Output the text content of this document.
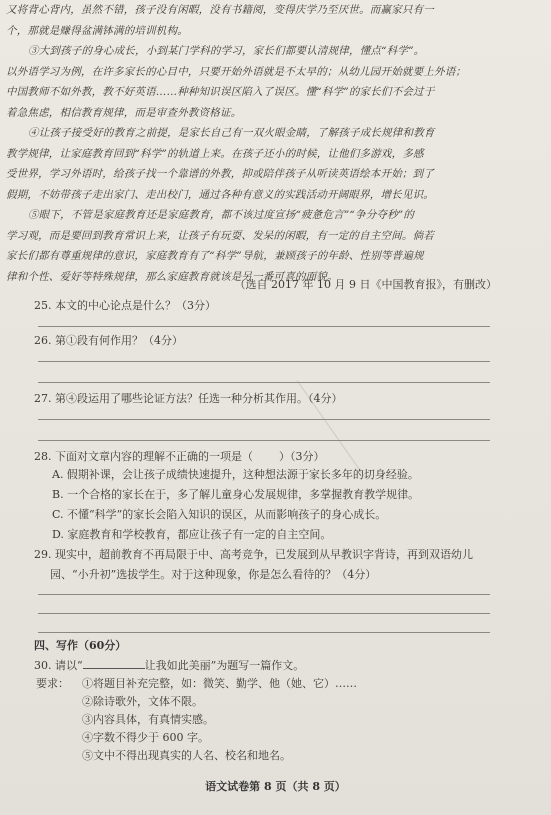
又将背心背内，虽然不错，孩子没有闲暇，没有书籍阅，变得庆学乃至厌世。而赢家只有一

个，那就是赚得盆满钵满的培训机构。

③大到孩子的身心成长，小到某门学科的学习，家长们都要认清规律，懂点“科学”。

以外语学习为例，在许多家长的心目中，只要开始外语就是不太早的；从幼儿园开始就要上外语；

中国教师不如外教，教不好英语……种种知识误区陷入了误区。懂“科学”的家长们不会过于

着急焦虑，相信教育规律，而是审查外教资格证。

④让孩子接受好的教育之前提，是家长自己有一双火眼金睛，了解孩子成长规律和教育

教学规律，让家庭教育回到“科学”的轨道上来。在孩子还小的时候，让他们多游戏，多感

受世界，学习外语时，给孩子找一个靠谱的外教，抑或陪伴孩子从听读英语绘本开始；到了

假期，不妨带孩子走出家门、走出校门，通过各种有意义的实践活动开阔眼界，增长见识。

⑤眼下，不管是家庭教育还是家庭教育，都不该过度宣扬“疲惫危言”“争分夺秒”的

学习观，而是要回到教育常识上来，让孩子有玩耍、发呆的闲暇，有一定的自主空间。倘若

家长们都有尊重规律的意识，家庭教育有了“科学”导航，兼顾孩子的年龄、性别等普遍规

律和个性、爱好等特殊规律，那么家庭教育就该是另一番可喜的面貌。

（选自 2017 年 10 月 9 日《中国教育报》，有删改）
25. 本文的中心论点是什么？（3分）
26. 第①段有何作用？（4分）
27. 第④段运用了哪些论证方法？任选一种分析其作用。（4分）
28. 下面对文章内容的理解不正确的一项是（ ）（3分）
A. 假期补课，会让孩子成绩快速提升，这种想法源于家长多年的切身经验。
B. 一个合格的家长在于，多了解儿童身心发展规律，多掌握教育教学规律。
C. 不懂“科学”的家长会陷入知识的误区，从而影响孩子的身心成长。
D. 家庭教育和学校教育，都应让孩子有一定的自主空间。
29. 现实中，超前教育不再局限于中、高考竞争，已发展到从早教识字背诗，再到双语幼儿
园、“小升初”选拔学生。对于这种现象，你是怎么看待的？（4分）
四、写作（60分）
30. 请以“	让我如此美丽”为题写一篇作文。
要求： ①将题目补充完整，如：微笑、勤学、他（她、它）……
②除诗歌外，文体不限。
③内容具体，有真情实感。
④字数不得少于 600 字。
⑤文中不得出现真实的人名、校名和地名。
语文试卷第 8 页（共 8 页）
